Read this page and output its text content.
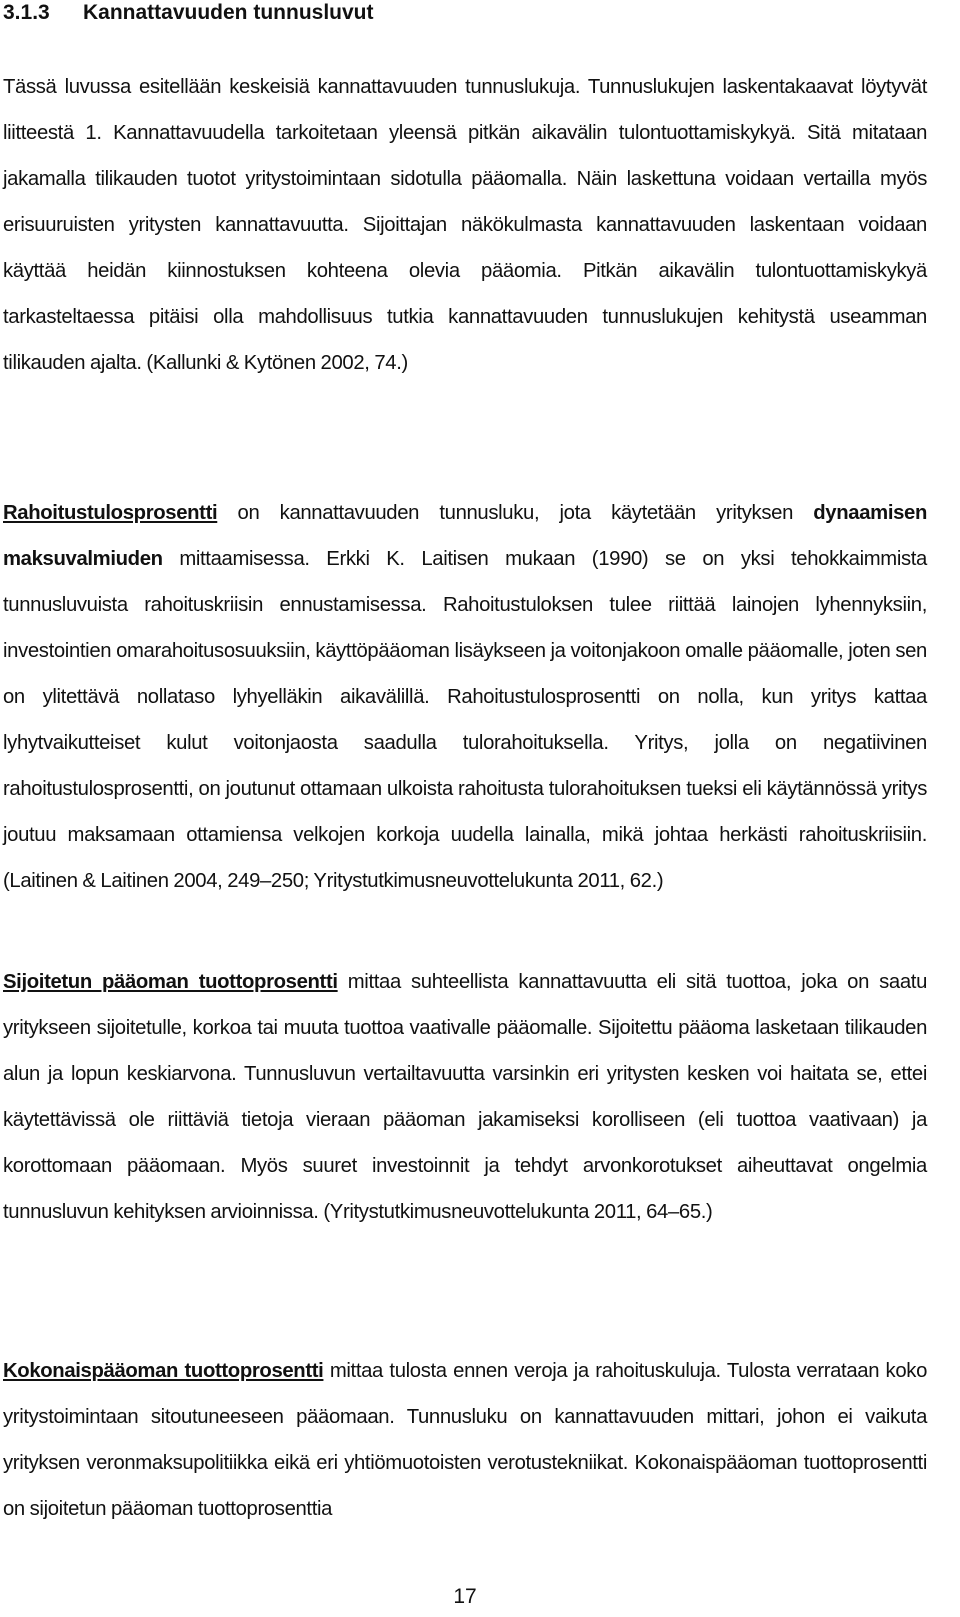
3.1.3	Kannattavuuden tunnusluvut

Tässä luvussa esitellään keskeisiä kannattavuuden tunnuslukuja. Tunnuslukujen laskentakaavat löytyvät liitteestä 1. Kannattavuudella tarkoitetaan yleensä pitkän aikavälin tulontuottamiskykyä. Sitä mitataan jakamalla tilikauden tuotot yritystoimintaan sidotulla pääomalla. Näin laskettuna voidaan vertailla myös erisuuruisten yritysten kannattavuutta. Sijoittajan näkökulmasta kannattavuuden laskentaan voidaan käyttää heidän kiinnostuksen kohteena olevia pääomia. Pitkän aikavälin tulontuottamiskykyä tarkasteltaessa pitäisi olla mahdollisuus tutkia kannattavuuden tunnuslukujen kehitystä useamman tilikauden ajalta. (Kallunki & Kytönen 2002, 74.)

Rahoitustulosprosentti on kannattavuuden tunnusluku, jota käytetään yrityksen dynaamisen maksuvalmiuden mittaamisessa. Erkki K. Laitisen mukaan (1990) se on yksi tehokkaimmista tunnusluvuista rahoituskriisin ennustamisessa. Rahoitustuloksen tulee riittää lainojen lyhennyksiin, investointien omarahoitusosuuksiin, käyttöpääoman lisäykseen ja voitonjakoon omalle pääomalle, joten sen on ylitettävä nollataso lyhyelläkin aikavälillä. Rahoitustulosprosentti on nolla, kun yritys kattaa lyhytvaikutteiset kulut voitonjaosta saadulla tulorahoituksella. Yritys, jolla on negatiivinen rahoitustulosprosentti, on joutunut ottamaan ulkoista rahoitusta tulorahoituksen tueksi eli käytännössä yritys joutuu maksamaan ottamiensa velkojen korkoja uudella lainalla, mikä johtaa herkästi rahoituskriisiin.(Laitinen & Laitinen 2004, 249–250; Yritystutkimusneuvottelukunta 2011, 62.)

Sijoitetun pääoman tuottoprosentti mittaa suhteellista kannattavuutta eli sitä tuottoa, joka on saatu yritykseen sijoitetulle, korkoa tai muuta tuottoa vaativalle pääomalle. Sijoitettu pääoma lasketaan tilikauden alun ja lopun keskiarvona. Tunnusluvun vertailtavuutta varsinkin eri yritysten kesken voi haitata se, ettei käytettävissä ole riittäviä tietoja vieraan pääoman jakamiseksi korolliseen (eli tuottoa vaativaan) ja korottomaan pääomaan. Myös suuret investoinnit ja tehdyt arvonkorotukset aiheuttavat ongelmia tunnusluvun kehityksen arvioinnissa. (Yritystutkimusneuvottelukunta 2011, 64–65.)

Kokonaispääoman tuottoprosentti mittaa tulosta ennen veroja ja rahoituskuluja. Tulosta verrataan koko yritystoimintaan sitoutuneeseen pääomaan. Tunnusluku on kannattavuuden mittari, johon ei vaikuta yrityksen veronmaksupolitiikka eikä eri yhtiömuotoisten verotustekniikat. Kokonaispääoman tuottoprosentti on sijoitetun pääoman tuottoprosenttia

17
